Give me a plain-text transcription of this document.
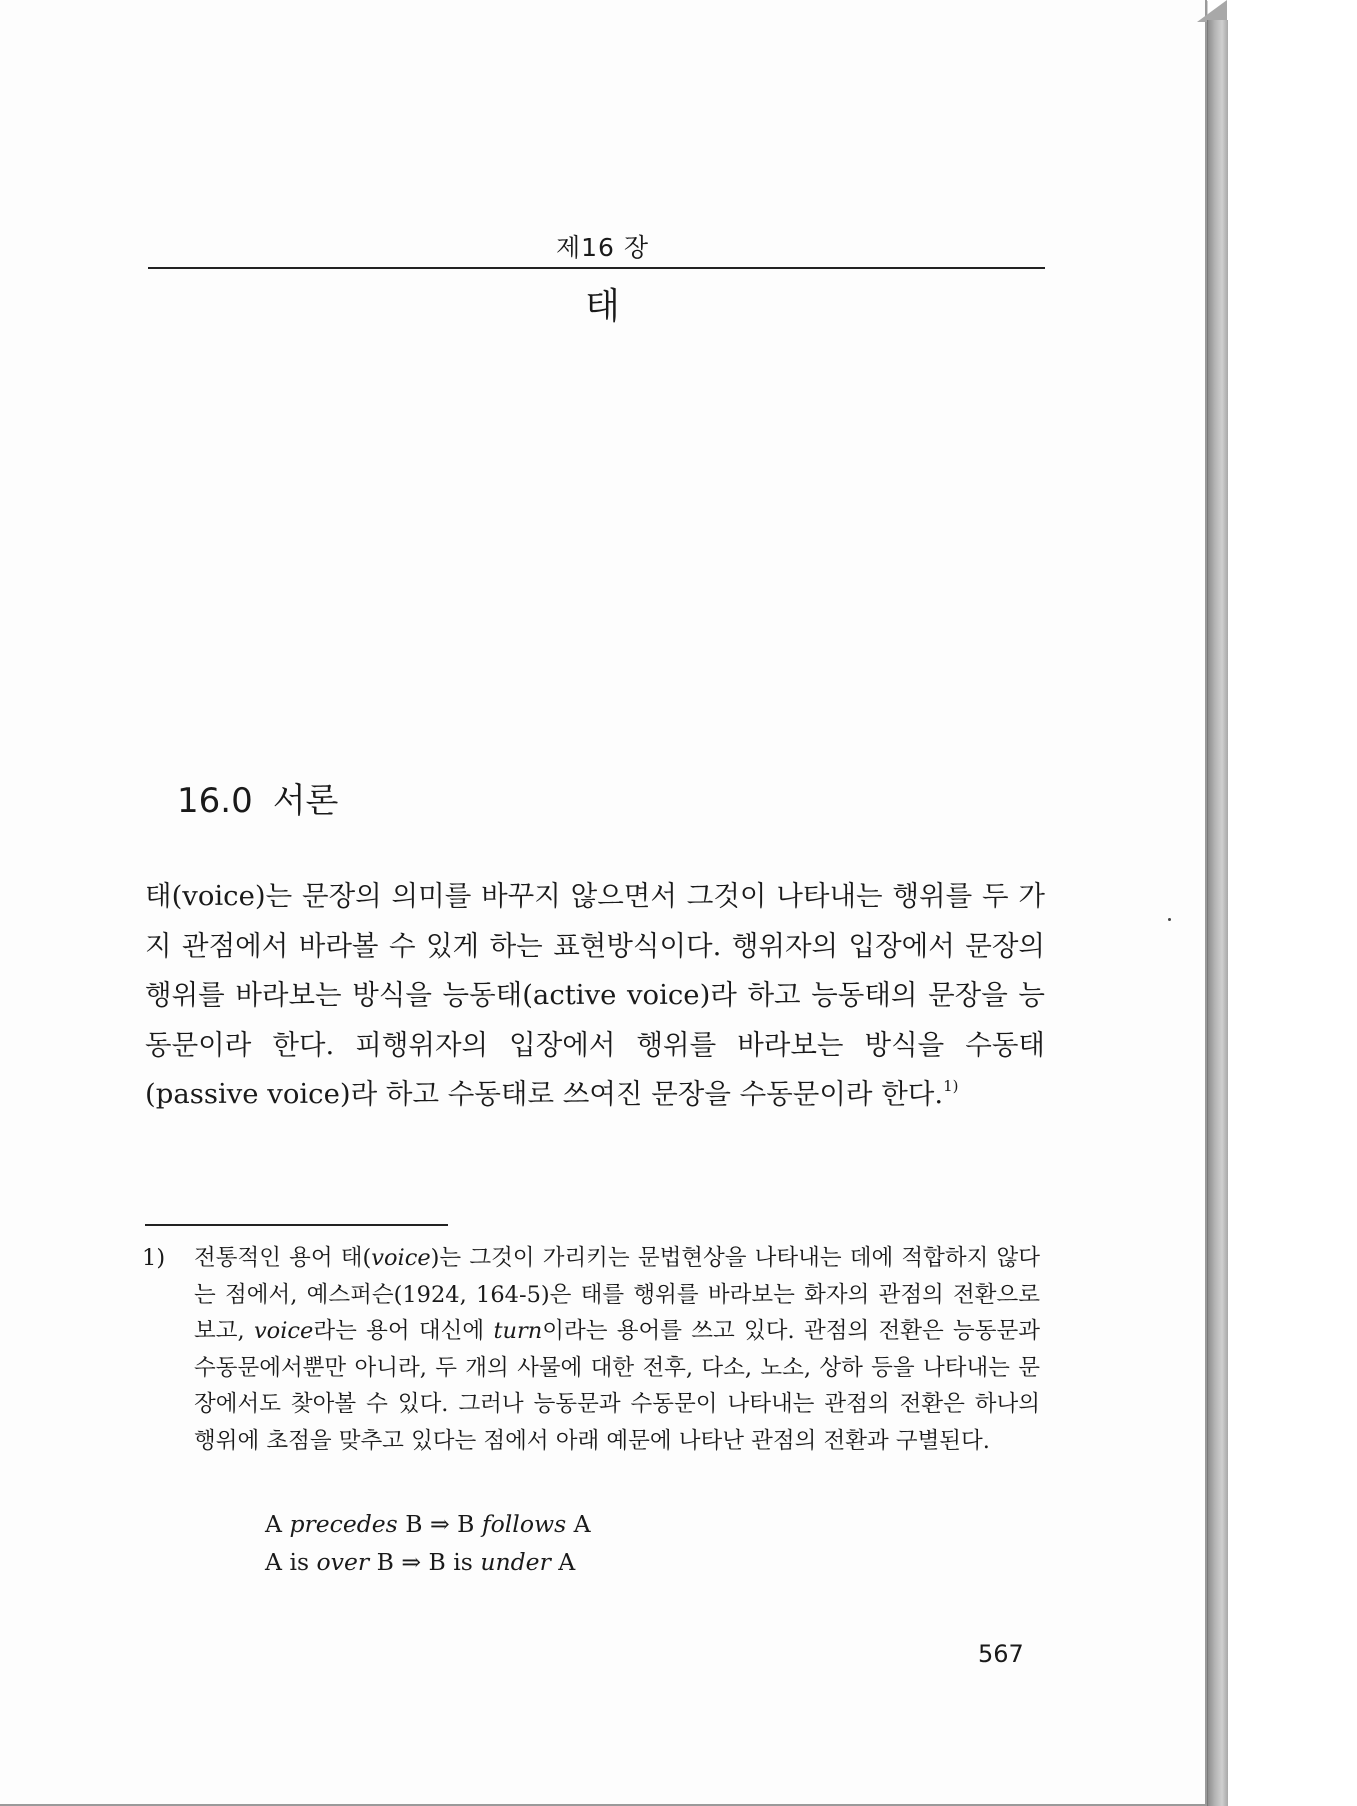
제16 장
태
16.0 서론

태(voice)는 문장의 의미를 바꾸지 않으면서 그것이 나타내는 행위를 두 가지 관점에서 바라볼 수 있게 하는 표현방식이다. 행위자의 입장에서 문장의 행위를 바라보는 방식을 능동태(active voice)라 하고 능동태의 문장을 능동문이라 한다. 피행위자의 입장에서 행위를 바라보는 방식을 수동태(passive voice)라 하고 수동태로 쓰여진 문장을 수동문이라 한다.$^{1)}$

1) 전통적인 용어 태(voice)는 그것이 가리키는 문법현상을 나타내는 데에 적합하지 않다는 점에서, 예스퍼슨(1924, 164-5)은 태를 행위를 바라보는 화자의 관점의 전환으로 보고, voice라는 용어 대신에 turn이라는 용어를 쓰고 있다. 관점의 전환은 능동문과 수동문에서뿐만 아니라, 두 개의 사물에 대한 전후, 다소, 노소, 상하 등을 나타내는 문장에서도 찾아볼 수 있다. 그러나 능동문과 수동문이 나타내는 관점의 전환은 하나의 행위에 초점을 맞추고 있다는 점에서 아래 예문에 나타난 관점의 전환과 구별된다.
A precedes B ⇒ B follows A
A is over B ⇒ B is under A
567
